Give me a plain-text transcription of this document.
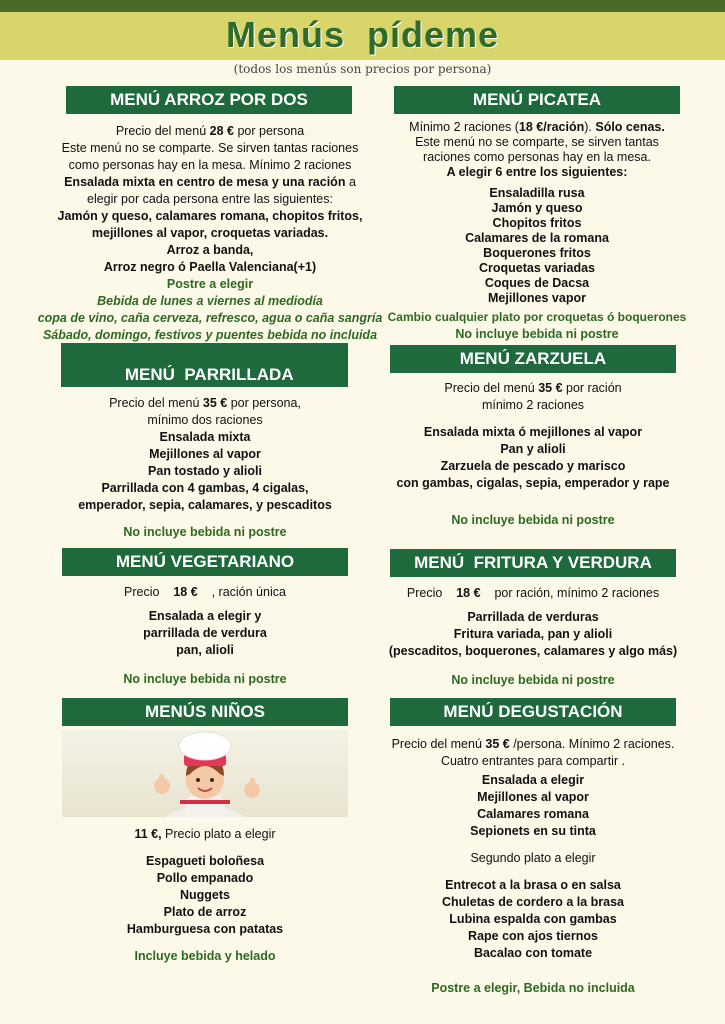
Menús  pídeme
(todos los menús son precios por persona)
MENÚ ARROZ POR DOS
Precio del menú 28 € por persona
Este menú no se comparte. Se sirven tantas raciones
como personas hay en la mesa. Mínimo 2 raciones
Ensalada mixta en centro de mesa y una ración a
elegir por cada persona entre las siguientes:
Jamón y queso, calamares romana, chopitos fritos,
mejillones al vapor, croquetas variadas.
Arroz a banda,
Arroz negro ó Paella Valenciana(+1)
Postre a elegir
Bebida de lunes a viernes al mediodía
copa de vino, caña cerveza, refresco, agua o caña sangría
Sábado, domingo, festivos y puentes bebida no incluida
MENÚ PICATEA
Mínimo 2 raciones (18 €/ración). Sólo cenas.
Este menú no se comparte, se sirven tantas
raciones como personas hay en la mesa.
A elegir 6 entre los siguientes:
Ensaladilla rusa
Jamón y queso
Chopitos fritos
Calamares de la romana
Boquerones fritos
Croquetas variadas
Coques de Dacsa
Mejillones vapor
Cambio cualquier plato por croquetas ó boquerones
No incluye bebida ni postre

MENÚ  PARRILLADA

Precio del menú 35 € por persona,
mínimo dos raciones
Ensalada mixta
Mejillones al vapor
Pan tostado y alioli
Parrillada con 4 gambas, 4 cigalas,
emperador, sepia, calamares, y pescaditos
No incluye bebida ni postre
MENÚ ZARZUELA
Precio del menú 35 € por ración
mínimo 2 raciones
Ensalada mixta ó mejillones al vapor
Pan y alioli
Zarzuela de pescado y marisco
con gambas, cigalas, sepia, emperador y rape
No incluye bebida ni postre
MENÚ VEGETARIANO
Precio    18 €    , ración única
Ensalada a elegir y
parrillada de verdura
pan, alioli
No incluye bebida ni postre
MENÚ  FRITURA Y VERDURA
Precio    18 €    por ración, mínimo 2 raciones
Parrillada de verduras
Fritura variada, pan y alioli
(pescaditos, boquerones, calamares y algo más)
No incluye bebida ni postre
MENÚS NIÑOS
11 €, Precio plato a elegir
Espagueti boloñesa
Pollo empanado
Nuggets
Plato de arroz
Hamburguesa con patatas
Incluye bebida y helado
MENÚ DEGUSTACIÓN
Precio del menú 35 € /persona. Mínimo 2 raciones.
Cuatro entrantes para compartir .
Ensalada a elegir
Mejillones al vapor
Calamares romana
Sepionets en su tinta
Segundo plato a elegir
Entrecot a la brasa o en salsa
Chuletas de cordero a la brasa
Lubina espalda con gambas
Rape con ajos tiernos
Bacalao con tomate
Postre a elegir, Bebida no incluida
